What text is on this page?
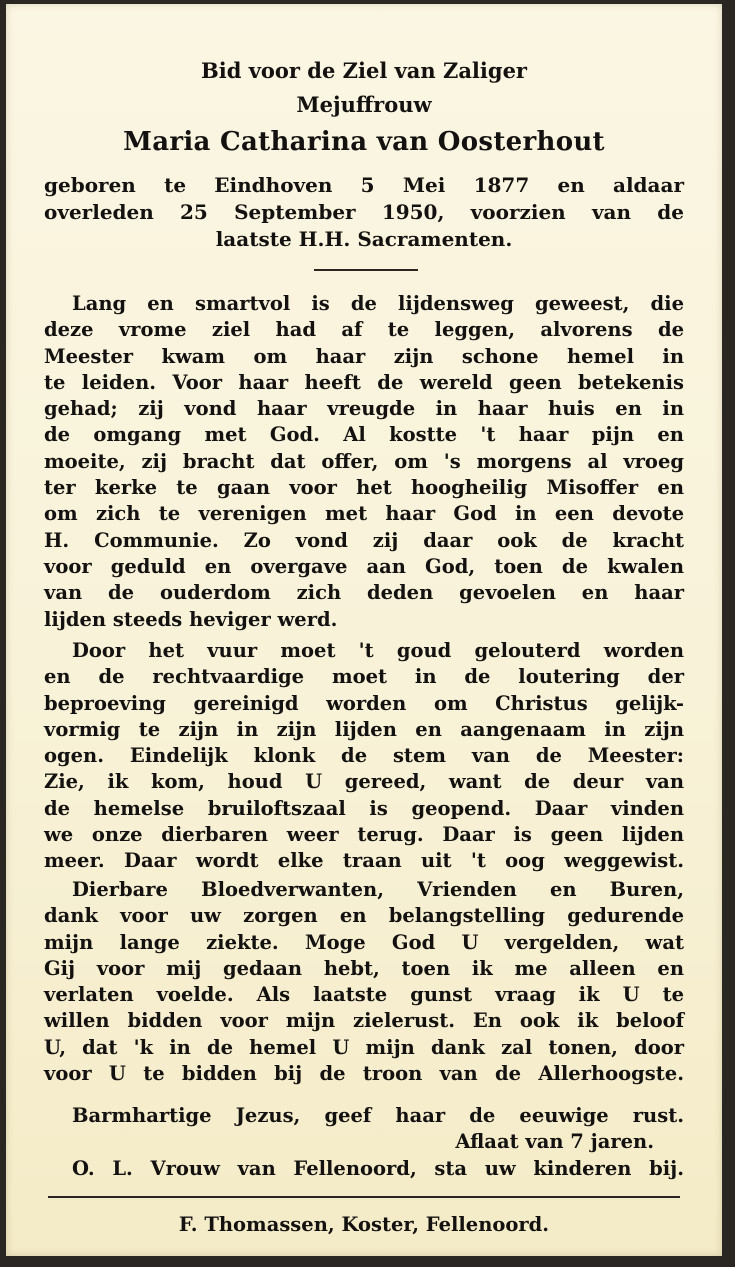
Bid voor de Ziel van Zaliger
Mejuffrouw
Maria Catharina van Oosterhout
geboren te Eindhoven 5 Mei 1877 en aldaar
overleden 25 September 1950, voorzien van de
laatste H.H. Sacramenten.
Lang en smartvol is de lijdensweg geweest, die
deze vrome ziel had af te leggen, alvorens de
Meester kwam om haar zijn schone hemel in
te leiden. Voor haar heeft de wereld geen betekenis
gehad; zij vond haar vreugde in haar huis en in
de omgang met God. Al kostte 't haar pijn en
moeite, zij bracht dat offer, om 's morgens al vroeg
ter kerke te gaan voor het hoogheilig Misoffer en
om zich te verenigen met haar God in een devote
H. Communie. Zo vond zij daar ook de kracht
voor geduld en overgave aan God, toen de kwalen
van de ouderdom zich deden gevoelen en haar
lijden steeds heviger werd.
Door het vuur moet 't goud gelouterd worden
en de rechtvaardige moet in de loutering der
beproeving gereinigd worden om Christus gelijk-
vormig te zijn in zijn lijden en aangenaam in zijn
ogen. Eindelijk klonk de stem van de Meester:
Zie, ik kom, houd U gereed, want de deur van
de hemelse bruiloftszaal is geopend. Daar vinden
we onze dierbaren weer terug. Daar is geen lijden
meer. Daar wordt elke traan uit 't oog weggewist.
Dierbare Bloedverwanten, Vrienden en Buren,
dank voor uw zorgen en belangstelling gedurende
mijn lange ziekte. Moge God U vergelden, wat
Gij voor mij gedaan hebt, toen ik me alleen en
verlaten voelde. Als laatste gunst vraag ik U te
willen bidden voor mijn zielerust. En ook ik beloof
U, dat 'k in de hemel U mijn dank zal tonen, door
voor U te bidden bij de troon van de Allerhoogste.
Barmhartige Jezus, geef haar de eeuwige rust.
Aflaat van 7 jaren.
O. L. Vrouw van Fellenoord, sta uw kinderen bij.
F. Thomassen, Koster, Fellenoord.
